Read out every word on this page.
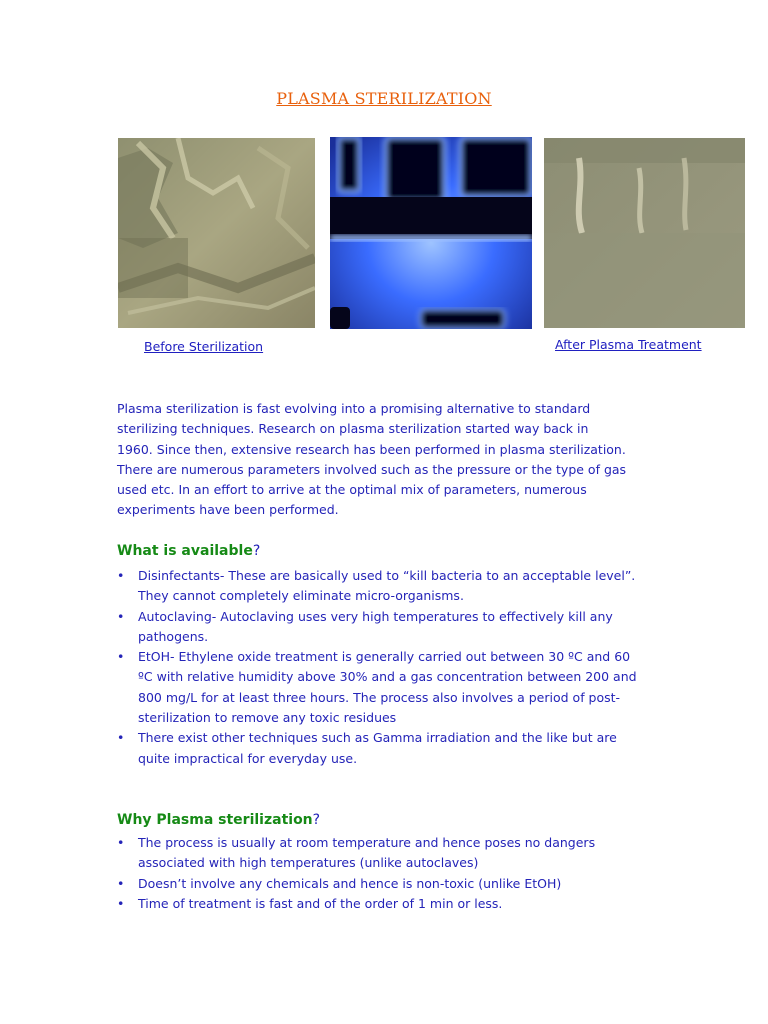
PLASMA STERILIZATION
Before Sterilization	After Plasma Treatment
Plasma sterilization is fast evolving into a promising alternative to standard sterilizing techniques. Research on plasma sterilization started way back in 1960. Since then, extensive research has been performed in plasma sterilization. There are numerous parameters involved such as the pressure or the type of gas used etc. In an effort to arrive at the optimal mix of parameters, numerous experiments have been performed.
What is available?
• Disinfectants- These are basically used to “kill bacteria to an acceptable level”. They cannot completely eliminate micro-organisms.
• Autoclaving- Autoclaving uses very high temperatures to effectively kill any pathogens.
• EtOH- Ethylene oxide treatment is generally carried out between 30 ºC and 60 ºC with relative humidity above 30% and a gas concentration between 200 and 800 mg/L for at least three hours. The process also involves a period of post-sterilization to remove any toxic residues
• There exist other techniques such as Gamma irradiation and the like but are quite impractical for everyday use.
Why Plasma sterilization?
• The process is usually at room temperature and hence poses no dangers associated with high temperatures (unlike autoclaves)
• Doesn’t involve any chemicals and hence is non-toxic (unlike EtOH)
• Time of treatment is fast and of the order of 1 min or less.
